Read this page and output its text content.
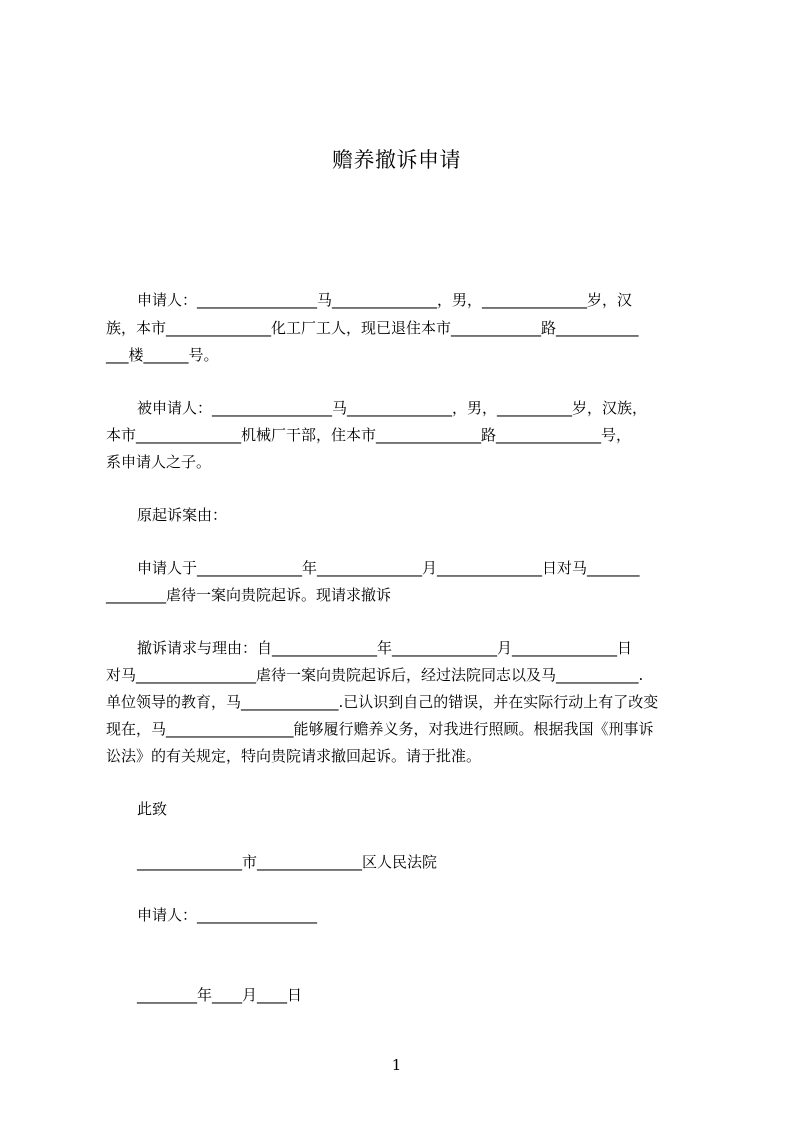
赡养撤诉申请
申请人：________________马______________，男，______________岁，汉
族，本市______________化工厂工人，现已退住本市____________路___________
___楼______号。
被申请人：________________马______________，男，__________岁，汉族，
本市______________机械厂干部，住本市______________路______________号，
系申请人之子。
原起诉案由：
申请人于______________年______________月______________日对马_______
________虐待一案向贵院起诉。现请求撤诉
撤诉请求与理由：自______________年______________月______________日
对马________________虐待一案向贵院起诉后，经过法院同志以及马___________.
单位领导的教育，马_____________.已认识到自己的错误，并在实际行动上有了改变
现在，马_________________能够履行赡养义务，对我进行照顾。根据我国《刑事诉
讼法》的有关规定，特向贵院请求撤回起诉。请于批准。
此致
______________市______________区人民法院
申请人：________________
________年____月____日
1
